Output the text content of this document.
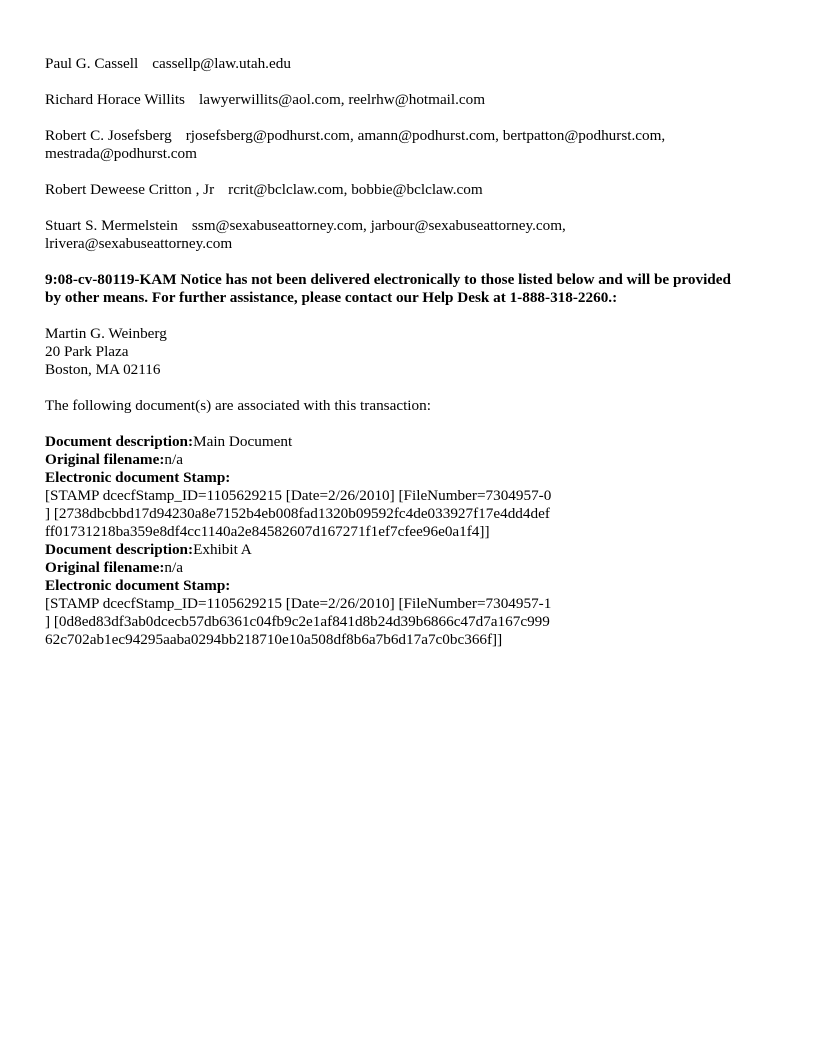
Paul G. Cassell cassellp@law.utah.edu
Richard Horace Willits lawyerwillits@aol.com, reelrhw@hotmail.com
Robert C. Josefsberg rjosefsberg@podhurst.com, amann@podhurst.com, bertpatton@podhurst.com,
mestrada@podhurst.com
Robert Deweese Critton , Jr rcrit@bclclaw.com, bobbie@bclclaw.com
Stuart S. Mermelstein ssm@sexabuseattorney.com, jarbour@sexabuseattorney.com,
lrivera@sexabuseattorney.com
9:08-cv-80119-KAM Notice has not been delivered electronically to those listed below and will be provided
by other means. For further assistance, please contact our Help Desk at 1-888-318-2260.:
Martin G. Weinberg
20 Park Plaza
Boston, MA 02116
The following document(s) are associated with this transaction:
Document description:Main Document
Original filename:n/a
Electronic document Stamp:
[STAMP dcecfStamp_ID=1105629215 [Date=2/26/2010] [FileNumber=7304957-0
] [2738dbcbbd17d94230a8e7152b4eb008fad1320b09592fc4de033927f17e4dd4def
ff01731218ba359e8df4cc1140a2e84582607d167271f1ef7cfee96e0a1f4]]
Document description:Exhibit A
Original filename:n/a
Electronic document Stamp:
[STAMP dcecfStamp_ID=1105629215 [Date=2/26/2010] [FileNumber=7304957-1
] [0d8ed83df3ab0dcecb57db6361c04fb9c2e1af841d8b24d39b6866c47d7a167c999
62c702ab1ec94295aaba0294bb218710e10a508df8b6a7b6d17a7c0bc366f]]
